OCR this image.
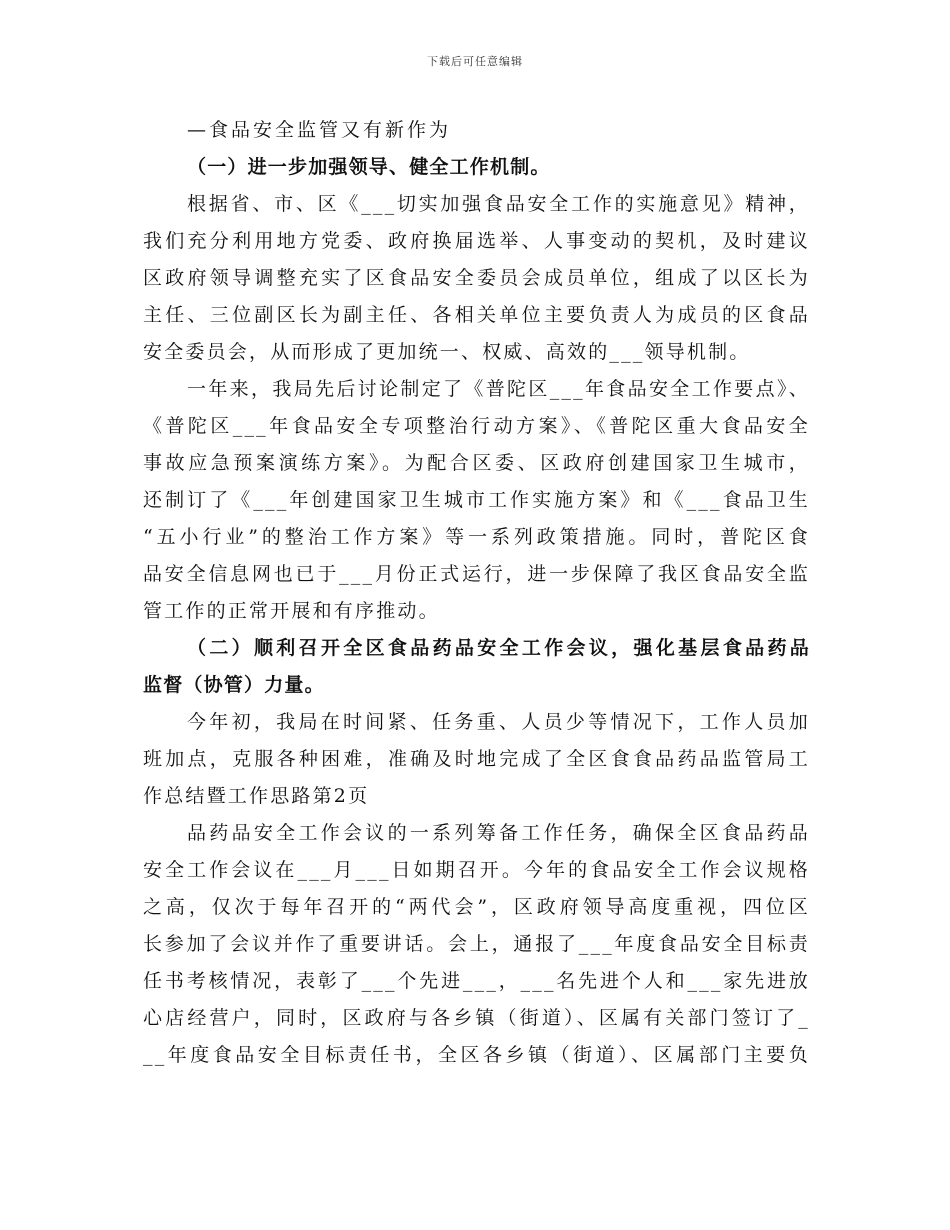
下载后可任意编辑
—食品安全监管又有新作为
（一）进一步加强领导、健全工作机制。
根据省、市、区《___切实加强食品安全工作的实施意见》精神，
我们充分利用地方党委、政府换届选举、人事变动的契机，及时建议
区政府领导调整充实了区食品安全委员会成员单位，组成了以区长为
主任、三位副区长为副主任、各相关单位主要负责人为成员的区食品
安全委员会，从而形成了更加统一、权威、高效的___领导机制。
一年来，我局先后讨论制定了《普陀区___年食品安全工作要点》、
《普陀区___年食品安全专项整治行动方案》、《普陀区重大食品安全
事故应急预案演练方案》。为配合区委、区政府创建国家卫生城市，
还制订了《___年创建国家卫生城市工作实施方案》和《___食品卫生
“五小行业”的整治工作方案》等一系列政策措施。同时，普陀区食
品安全信息网也已于___月份正式运行，进一步保障了我区食品安全监
管工作的正常开展和有序推动。
（二）顺利召开全区食品药品安全工作会议，强化基层食品药品
监督（协管）力量。
今年初，我局在时间紧、任务重、人员少等情况下，工作人员加
班加点，克服各种困难，准确及时地完成了全区食食品药品监管局工
作总结暨工作思路第2页
品药品安全工作会议的一系列筹备工作任务，确保全区食品药品
安全工作会议在___月___日如期召开。今年的食品安全工作会议规格
之高，仅次于每年召开的“两代会”，区政府领导高度重视，四位区
长参加了会议并作了重要讲话。会上，通报了___年度食品安全目标责
任书考核情况，表彰了___个先进___，___名先进个人和___家先进放
心店经营户，同时，区政府与各乡镇（街道）、区属有关部门签订了_
__年度食品安全目标责任书，全区各乡镇（街道）、区属部门主要负
